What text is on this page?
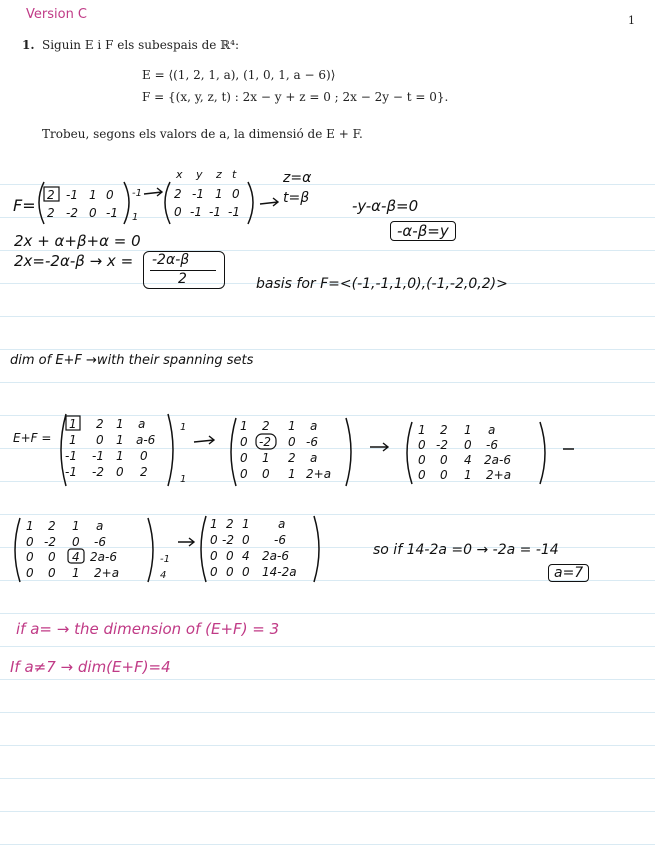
Version C	1
1. Siguin E i F els subespais de ℝ⁴:
E = ⟨(1, 2, 1, a), (1, 0, 1, a − 6)⟩
F = {(x, y, z, t) : 2x − y + z = 0 ; 2x − 2y − t = 0}.
Trobeu, segons els valors de a, la dimensió de E + F.
F=
2 -1 1 0
2 -2 0 -1
-1
1
x y z t
2 -1 1 0
0 -1 -1 -1
z=α
t=β	-y-α-β=0
-α-β=y
2x + α+β+α = 0
2x=-2α-β → x = -2α-β
2	basis for F=<(-1,-1,1,0),(-1,-2,0,2)>
dim of E+F →with their spanning sets
E+F =
1 2 1 a
1 0 1 a-6
-1 -1 1 0
-1 -2 0 2
1
1
1 2 1 a
0 -2 0 -6
0 1 2 a
0 0 1 2+a
1 2 1 a
0 -2 0 -6
0 0 4 2a-6
0 0 1 2+a
1 2 1 a
0 -2 0 -6
0 0 4 2a-6
0 0 1 2+a
-1
4
1 2 1 a
0 -2 0 -6
0 0 4 2a-6
0 0 0 14-2a
so if 14-2a =0 → -2a = -14
a=7
if a= → the dimension of (E+F) = 3
If a≠7 → dim(E+F)=4
